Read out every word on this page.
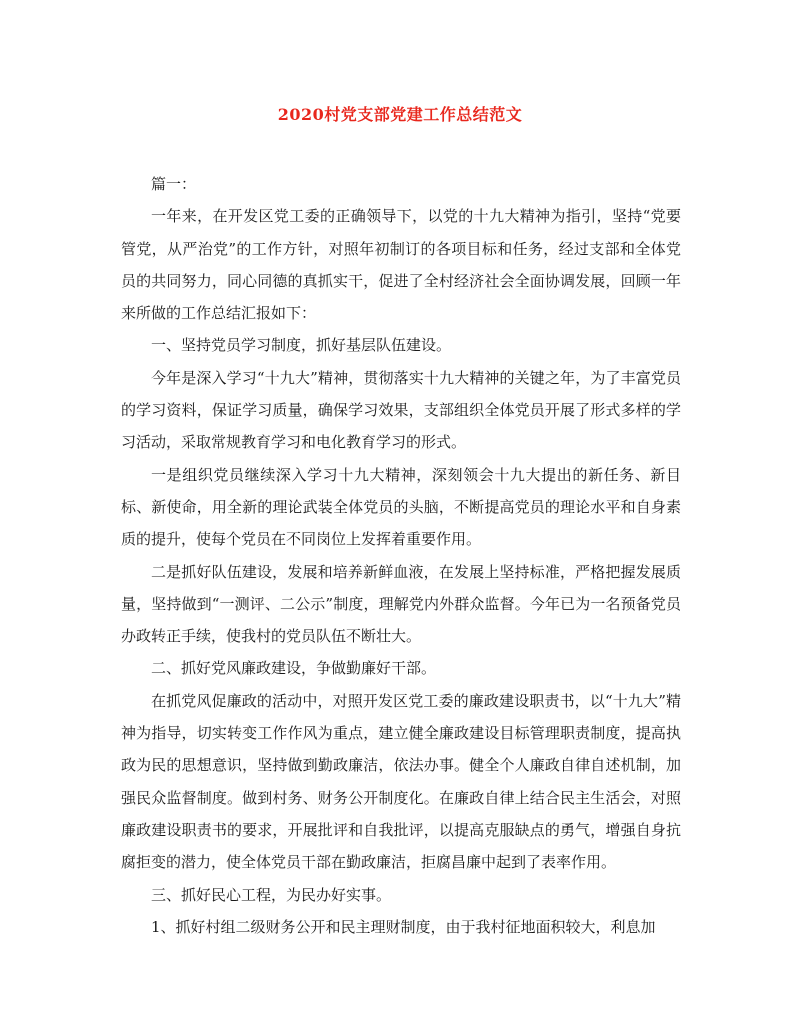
2020村党支部党建工作总结范文

篇一：

一年来，在开发区党工委的正确领导下，以党的十九大精神为指引，坚持“党要管党，从严治党”的工作方针，对照年初制订的各项目标和任务，经过支部和全体党员的共同努力，同心同德的真抓实干，促进了全村经济社会全面协调发展，回顾一年来所做的工作总结汇报如下：

一、坚持党员学习制度，抓好基层队伍建设。

今年是深入学习“十九大”精神，贯彻落实十九大精神的关键之年，为了丰富党员的学习资料，保证学习质量，确保学习效果，支部组织全体党员开展了形式多样的学习活动，采取常规教育学习和电化教育学习的形式。

一是组织党员继续深入学习十九大精神，深刻领会十九大提出的新任务、新目标、新使命，用全新的理论武装全体党员的头脑，不断提高党员的理论水平和自身素质的提升，使每个党员在不同岗位上发挥着重要作用。

二是抓好队伍建设，发展和培养新鲜血液，在发展上坚持标准，严格把握发展质量，坚持做到“一测评、二公示”制度，理解党内外群众监督。今年已为一名预备党员办政转正手续，使我村的党员队伍不断壮大。

二、抓好党风廉政建设，争做勤廉好干部。

在抓党风促廉政的活动中，对照开发区党工委的廉政建设职责书，以“十九大”精神为指导，切实转变工作作风为重点，建立健全廉政建设目标管理职责制度，提高执政为民的思想意识，坚持做到勤政廉洁，依法办事。健全个人廉政自律自述机制，加强民众监督制度。做到村务、财务公开制度化。在廉政自律上结合民主生活会，对照廉政建设职责书的要求，开展批评和自我批评，以提高克服缺点的勇气，增强自身抗腐拒变的潜力，使全体党员干部在勤政廉洁，拒腐昌廉中起到了表率作用。

三、抓好民心工程，为民办好实事。

1、抓好村组二级财务公开和民主理财制度，由于我村征地面积较大，利息加
